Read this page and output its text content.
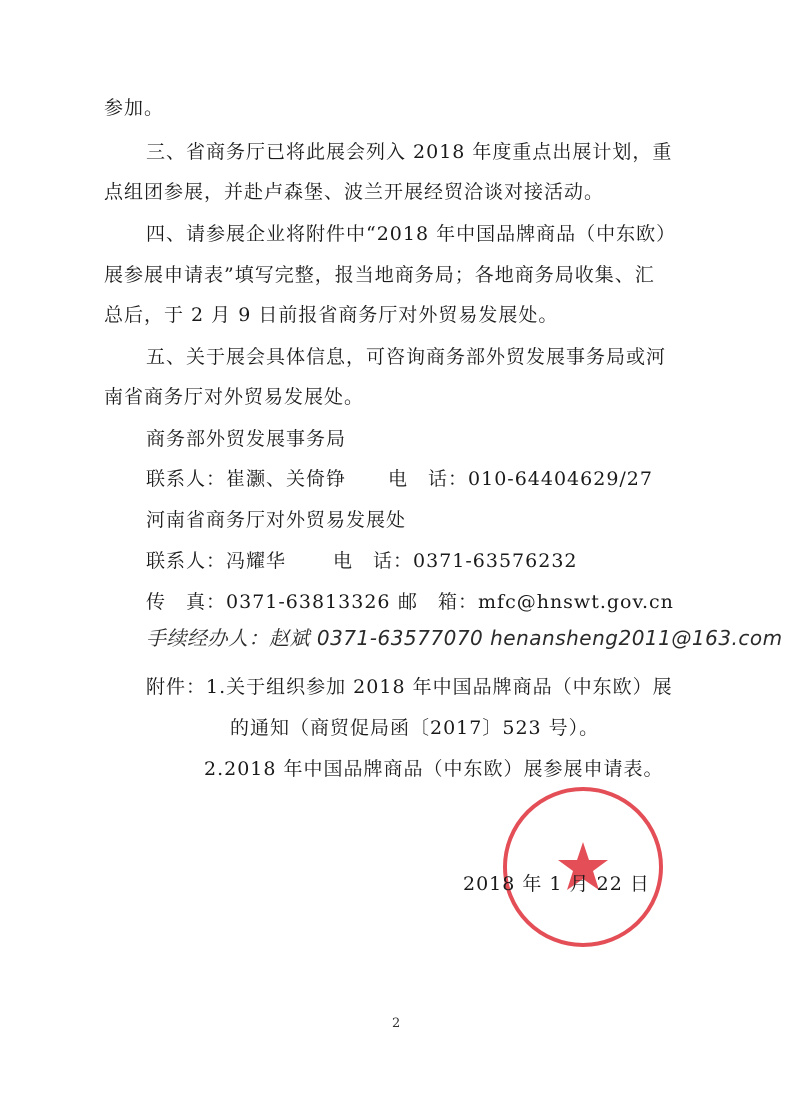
参加。
三、省商务厅已将此展会列入 2018 年度重点出展计划，重
点组团参展，并赴卢森堡、波兰开展经贸洽谈对接活动。
四、请参展企业将附件中“2018 年中国品牌商品（中东欧）
展参展申请表”填写完整，报当地商务局；各地商务局收集、汇
总后，于 2 月 9 日前报省商务厅对外贸易发展处。
五、关于展会具体信息，可咨询商务部外贸发展事务局或河
南省商务厅对外贸易发展处。
商务部外贸发展事务局
联系人：崔灏、关倚铮 电　话：010-64404629/27
河南省商务厅对外贸易发展处
联系人：冯耀华 电　话：0371-63576232
传　真：0371-63813326 邮　箱：mfc@hnswt.gov.cn
手续经办人：赵斌 0371-63577070 henansheng2011@163.com
附件：1.关于组织参加 2018 年中国品牌商品（中东欧）展
的通知（商贸促局函〔2017〕523 号）。
2.2018 年中国品牌商品（中东欧）展参展申请表。
2018 年 1 月 22 日
2
